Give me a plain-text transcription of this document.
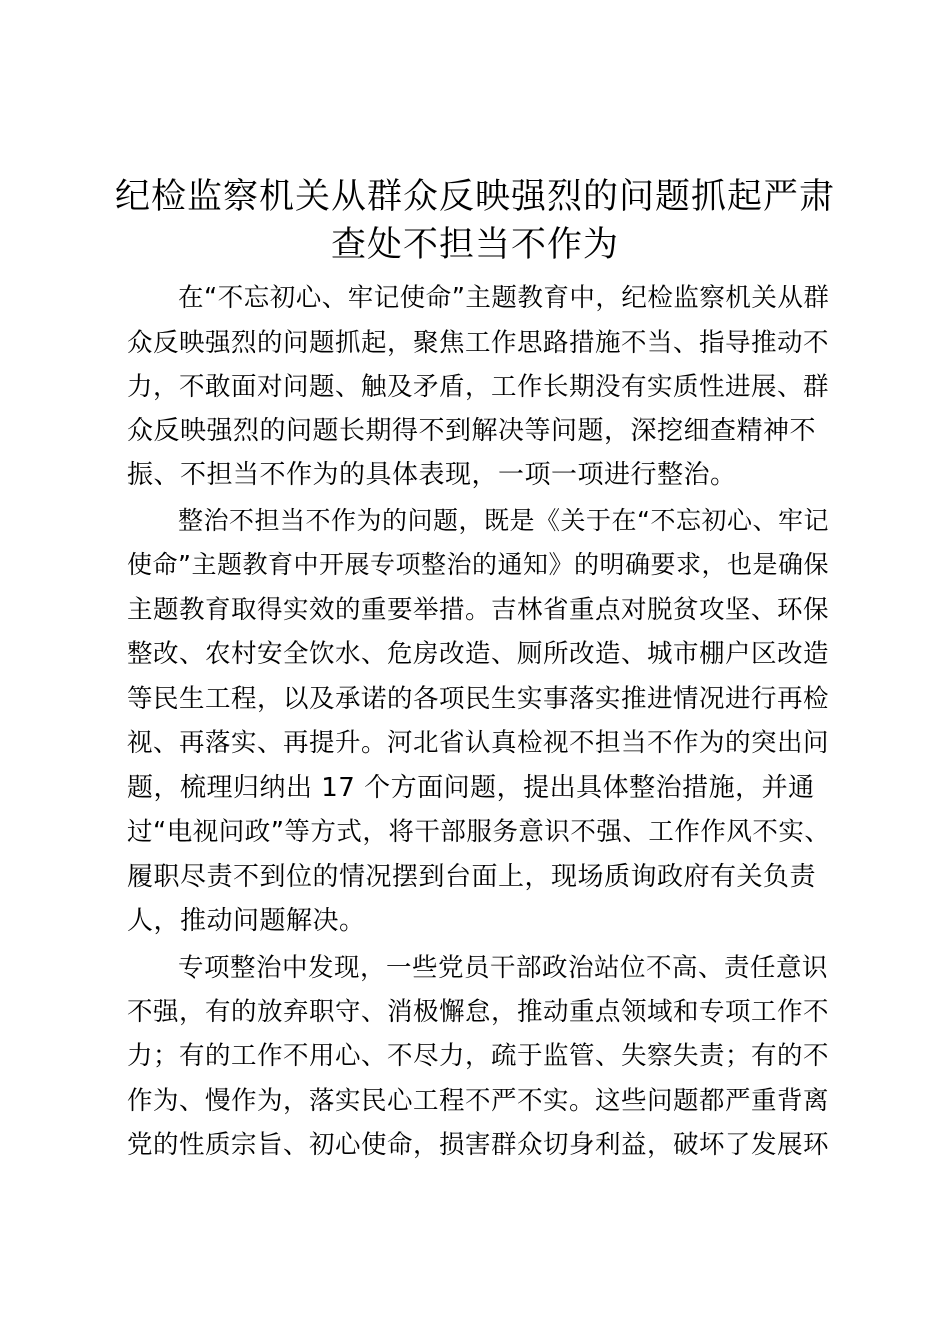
纪检监察机关从群众反映强烈的问题抓起严肃
查处不担当不作为
在“不忘初心、牢记使命”主题教育中，纪检监察机关从群
众反映强烈的问题抓起，聚焦工作思路措施不当、指导推动不
力，不敢面对问题、触及矛盾，工作长期没有实质性进展、群
众反映强烈的问题长期得不到解决等问题，深挖细查精神不
振、不担当不作为的具体表现，一项一项进行整治。
整治不担当不作为的问题，既是《关于在“不忘初心、牢记
使命”主题教育中开展专项整治的通知》的明确要求，也是确保
主题教育取得实效的重要举措。吉林省重点对脱贫攻坚、环保
整改、农村安全饮水、危房改造、厕所改造、城市棚户区改造
等民生工程，以及承诺的各项民生实事落实推进情况进行再检
视、再落实、再提升。河北省认真检视不担当不作为的突出问
题，梳理归纳出 17 个方面问题，提出具体整治措施，并通
过“电视问政”等方式，将干部服务意识不强、工作作风不实、
履职尽责不到位的情况摆到台面上，现场质询政府有关负责
人，推动问题解决。
专项整治中发现，一些党员干部政治站位不高、责任意识
不强，有的放弃职守、消极懈怠，推动重点领域和专项工作不
力；有的工作不用心、不尽力，疏于监管、失察失责；有的不
作为、慢作为，落实民心工程不严不实。这些问题都严重背离
党的性质宗旨、初心使命，损害群众切身利益，破坏了发展环
